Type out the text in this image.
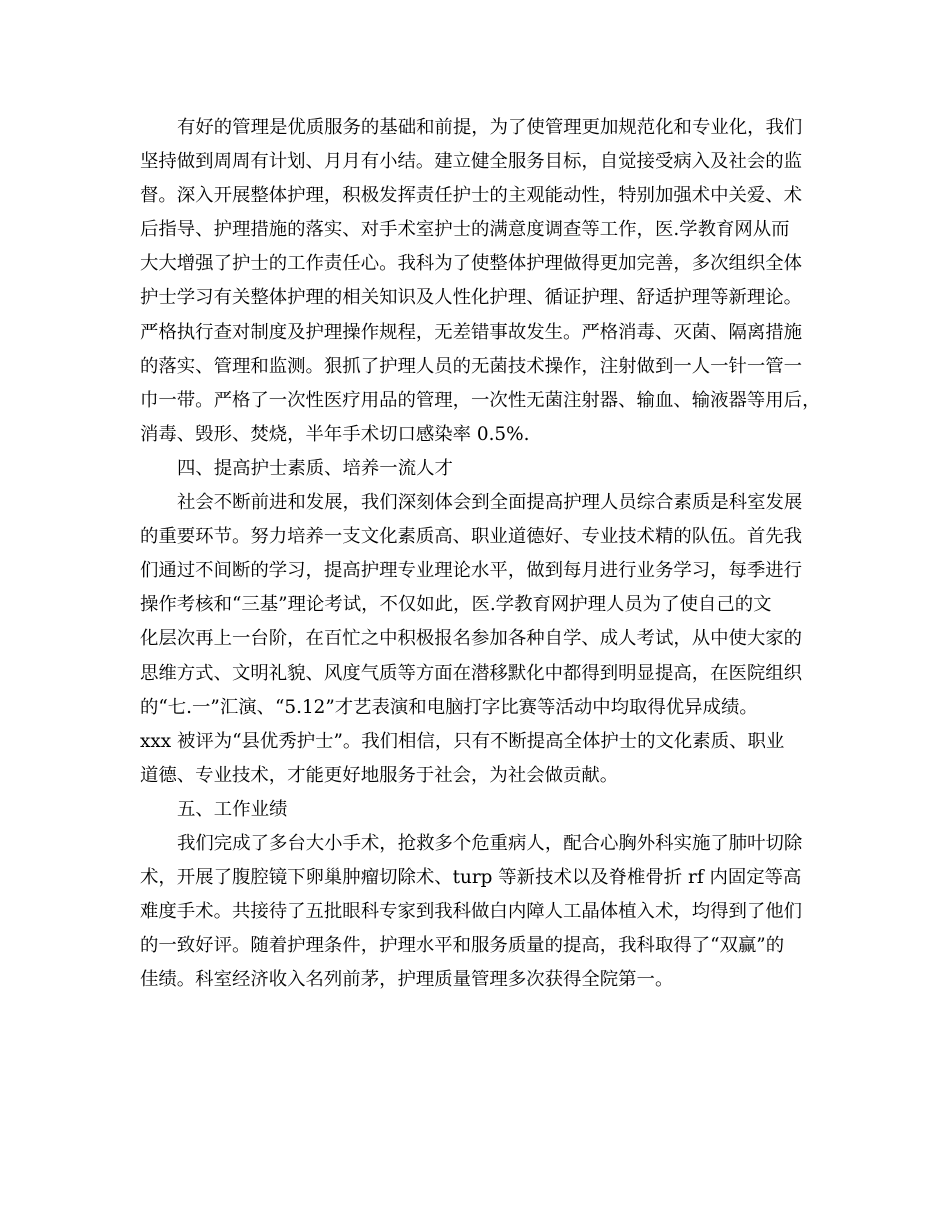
有好的管理是优质服务的基础和前提，为了使管理更加规范化和专业化，我们
坚持做到周周有计划、月月有小结。建立健全服务目标，自觉接受病入及社会的监
督。深入开展整体护理，积极发挥责任护士的主观能动性，特别加强术中关爱、术
后指导、护理措施的落实、对手术室护士的满意度调查等工作，医.学教育网从而
大大增强了护士的工作责任心。我科为了使整体护理做得更加完善，多次组织全体
护士学习有关整体护理的相关知识及人性化护理、循证护理、舒适护理等新理论。
严格执行查对制度及护理操作规程，无差错事故发生。严格消毒、灭菌、隔离措施
的落实、管理和监测。狠抓了护理人员的无菌技术操作，注射做到一人一针一管一
巾一带。严格了一次性医疗用品的管理，一次性无菌注射器、输血、输液器等用后，
消毒、毁形、焚烧，半年手术切口感染率 0.5%.
四、提高护士素质、培养一流人才
社会不断前进和发展，我们深刻体会到全面提高护理人员综合素质是科室发展
的重要环节。努力培养一支文化素质高、职业道德好、专业技术精的队伍。首先我
们通过不间断的学习，提高护理专业理论水平，做到每月进行业务学习，每季进行
操作考核和“三基”理论考试，不仅如此，医.学教育网护理人员为了使自己的文
化层次再上一台阶，在百忙之中积极报名参加各种自学、成人考试，从中使大家的
思维方式、文明礼貌、风度气质等方面在潜移默化中都得到明显提高，在医院组织
的“七.一”汇演、“5.12”才艺表演和电脑打字比赛等活动中均取得优异成绩。
xxx 被评为“县优秀护士”。我们相信，只有不断提高全体护士的文化素质、职业
道德、专业技术，才能更好地服务于社会，为社会做贡献。
五、工作业绩
我们完成了多台大小手术，抢救多个危重病人，配合心胸外科实施了肺叶切除
术，开展了腹腔镜下卵巢肿瘤切除术、turp 等新技术以及脊椎骨折 rf 内固定等高
难度手术。共接待了五批眼科专家到我科做白内障人工晶体植入术，均得到了他们
的一致好评。随着护理条件，护理水平和服务质量的提高，我科取得了“双赢”的
佳绩。科室经济收入名列前茅，护理质量管理多次获得全院第一。
